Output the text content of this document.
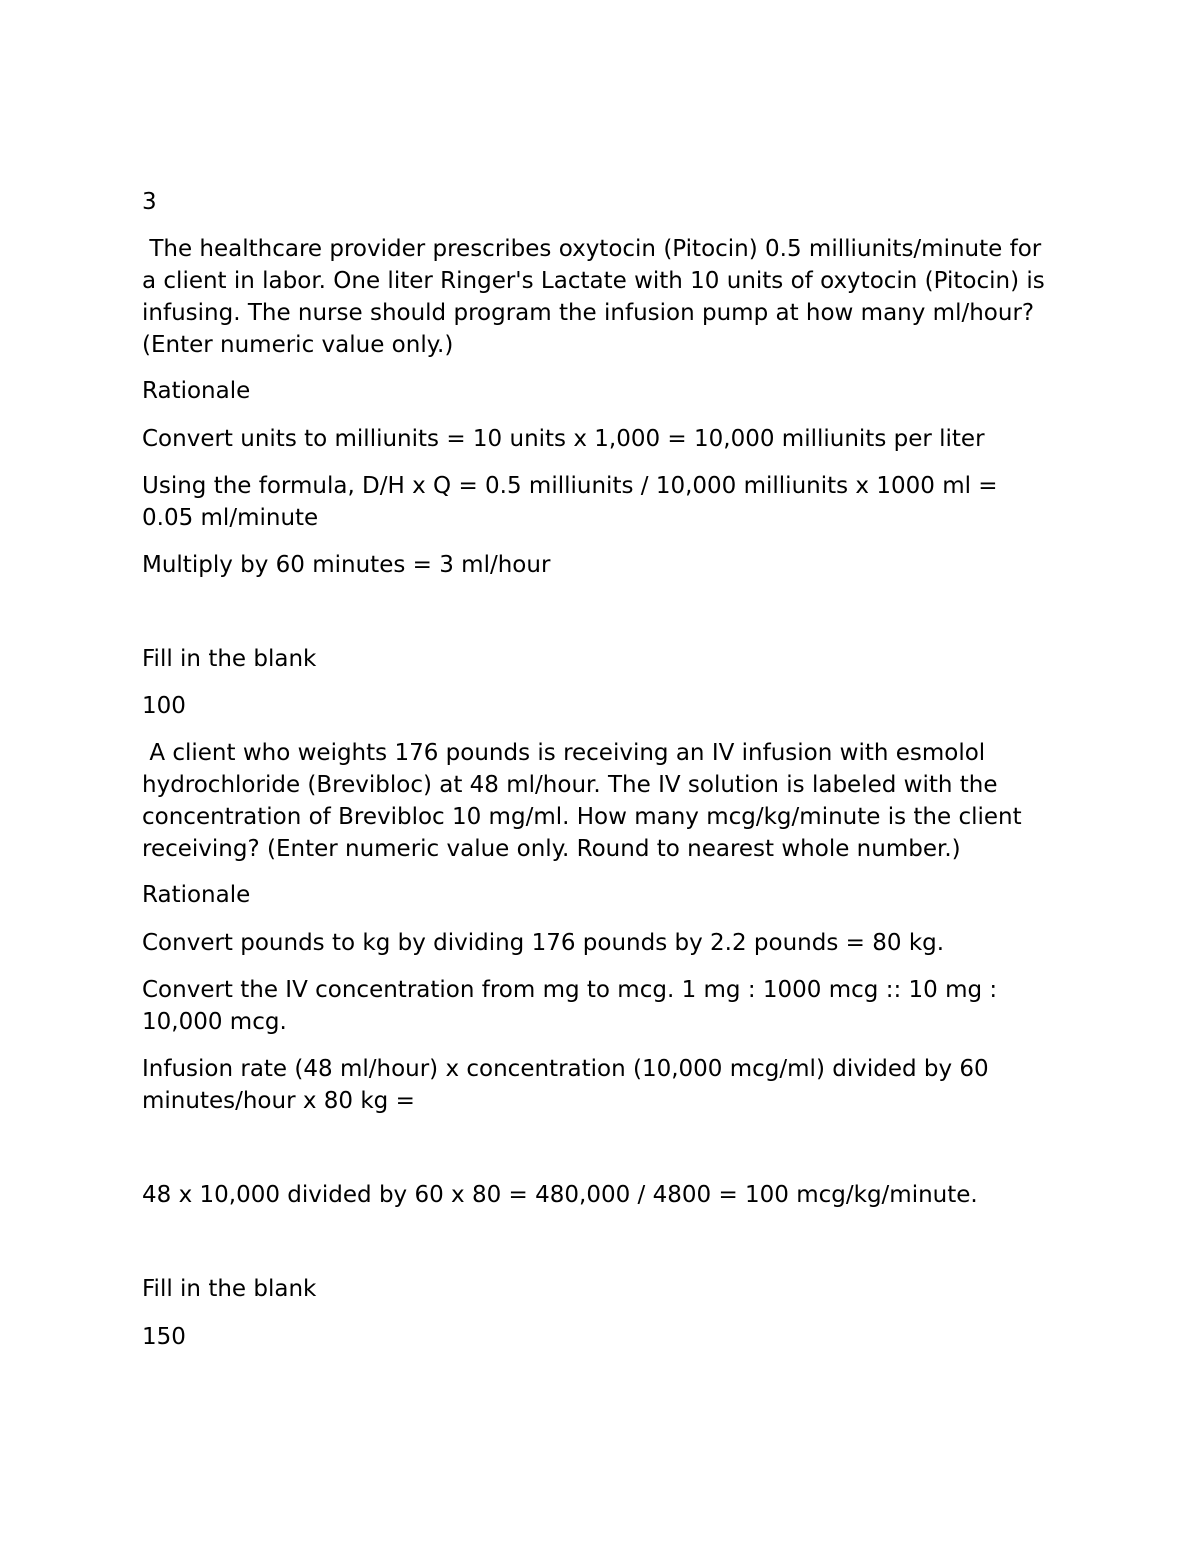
3

The healthcare provider prescribes oxytocin (Pitocin) 0.5 milliunits/minute for a client in labor. One liter Ringer's Lactate with 10 units of oxytocin (Pitocin) is infusing. The nurse should program the infusion pump at how many ml/hour? (Enter numeric value only.)

Rationale

Convert units to milliunits = 10 units x 1,000 = 10,000 milliunits per liter

Using the formula, D/H x Q = 0.5 milliunits / 10,000 milliunits x 1000 ml = 0.05 ml/minute

Multiply by 60 minutes = 3 ml/hour

Fill in the blank

100

A client who weights 176 pounds is receiving an IV infusion with esmolol hydrochloride (Brevibloc) at 48 ml/hour. The IV solution is labeled with the concentration of Brevibloc 10 mg/ml. How many mcg/kg/minute is the client receiving? (Enter numeric value only. Round to nearest whole number.)

Rationale

Convert pounds to kg by dividing 176 pounds by 2.2 pounds = 80 kg.

Convert the IV concentration from mg to mcg. 1 mg : 1000 mcg :: 10 mg : 10,000 mcg.

Infusion rate (48 ml/hour) x concentration (10,000 mcg/ml) divided by 60 minutes/hour x 80 kg =

48 x 10,000 divided by 60 x 80 = 480,000 / 4800 = 100 mcg/kg/minute.

Fill in the blank

150
